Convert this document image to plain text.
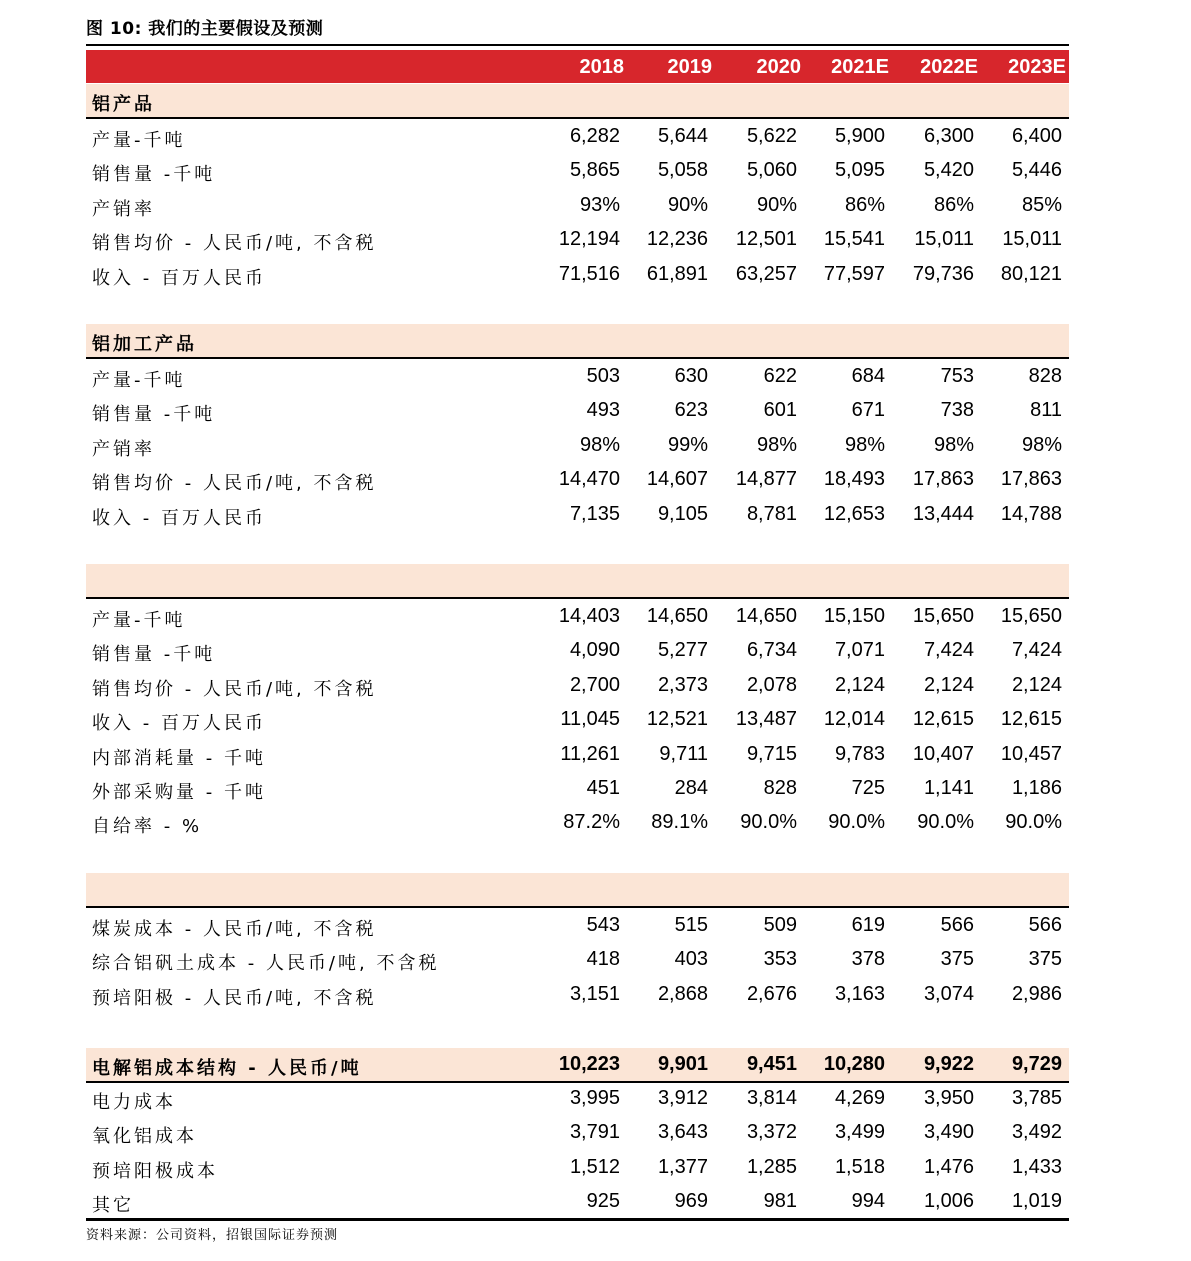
图 10: 我们的主要假设及预测
2018	2019	2020	2021E	2022E	2023E
铝产品
产量-千吨	6,282	5,644	5,622	5,900	6,300	6,400
销售量 -千吨	5,865	5,058	5,060	5,095	5,420	5,446
产销率	93%	90%	90%	86%	86%	85%
销售均价 - 人民币/吨, 不含税	12,194	12,236	12,501	15,541	15,011	15,011
收入 - 百万人民币	71,516	61,891	63,257	77,597	79,736	80,121
铝加工产品
产量-千吨	503	630	622	684	753	828
销售量 -千吨	493	623	601	671	738	811
产销率	98%	99%	98%	98%	98%	98%
销售均价 - 人民币/吨, 不含税	14,470	14,607	14,877	18,493	17,863	17,863
收入 - 百万人民币	7,135	9,105	8,781	12,653	13,444	14,788
产量-千吨	14,403	14,650	14,650	15,150	15,650	15,650
销售量 -千吨	4,090	5,277	6,734	7,071	7,424	7,424
销售均价 - 人民币/吨, 不含税	2,700	2,373	2,078	2,124	2,124	2,124
收入 - 百万人民币	11,045	12,521	13,487	12,014	12,615	12,615
内部消耗量 - 千吨	11,261	9,711	9,715	9,783	10,407	10,457
外部采购量 - 千吨	451	284	828	725	1,141	1,186
自给率 - %	87.2%	89.1%	90.0%	90.0%	90.0%	90.0%
煤炭成本 - 人民币/吨, 不含税	543	515	509	619	566	566
综合铝矾土成本 - 人民币/吨, 不含税	418	403	353	378	375	375
预培阳极 - 人民币/吨, 不含税	3,151	2,868	2,676	3,163	3,074	2,986
电解铝成本结构 - 人民币/吨	10,223	9,901	9,451	10,280	9,922	9,729
电力成本	3,995	3,912	3,814	4,269	3,950	3,785
氧化铝成本	3,791	3,643	3,372	3,499	3,490	3,492
预培阳极成本	1,512	1,377	1,285	1,518	1,476	1,433
其它	925	969	981	994	1,006	1,019
资料来源：公司资料，招银国际证券预测
